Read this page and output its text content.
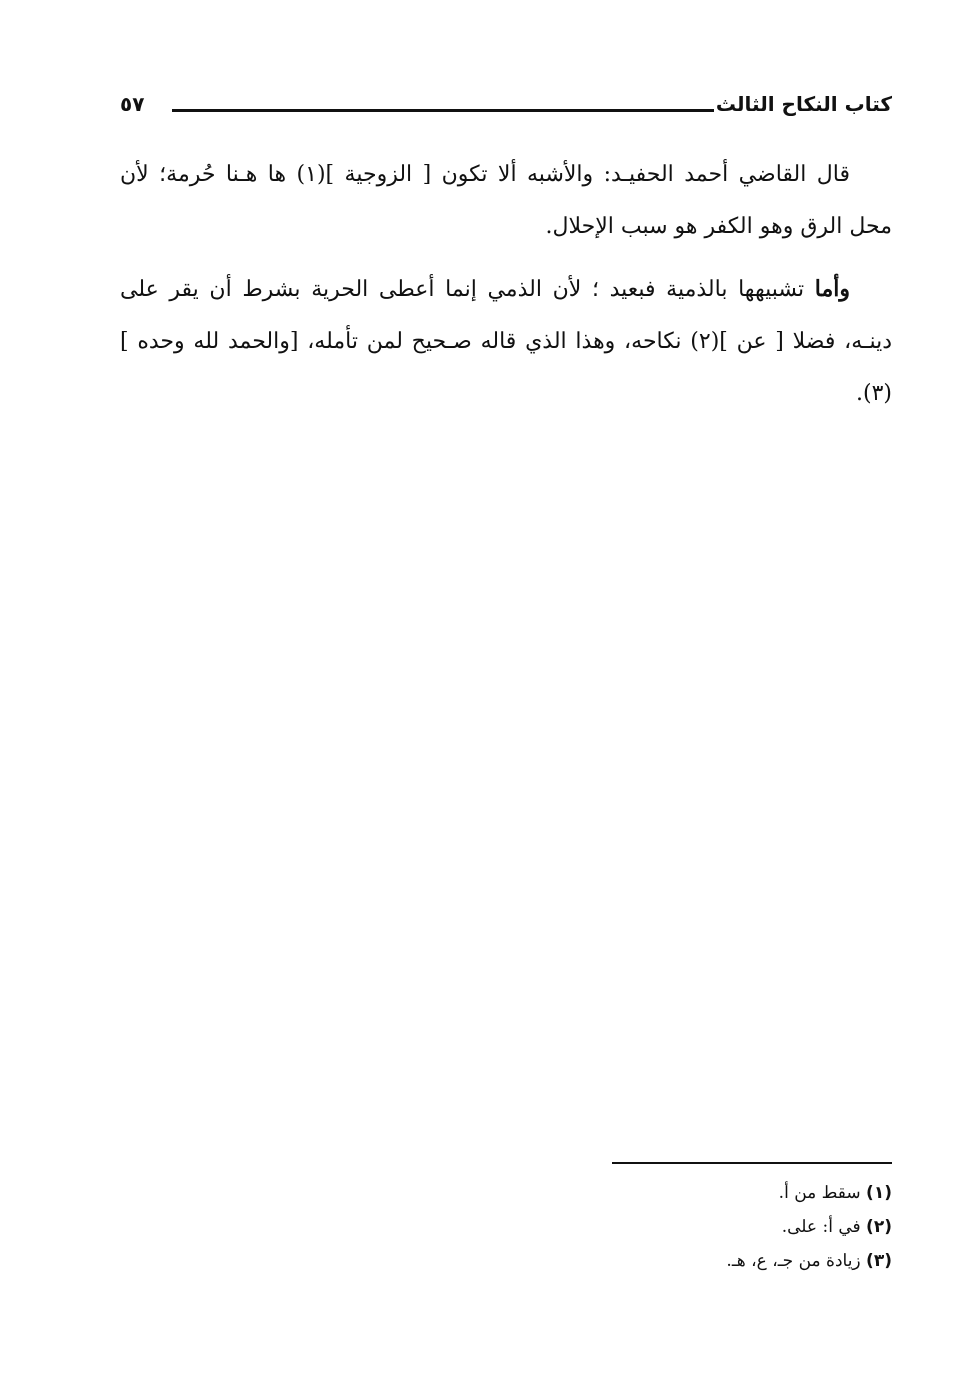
كتاب النكاح الثالث
٥٧

قال القاضي أحمد الحفيـد: والأشبه ألا تكون [ الزوجية ](١) ها هـنا حُرمة؛ لأن محل الرق وهو الكفر هو سبب الإحلال.

وأما تشبيهها بالذمية فبعيد ؛ لأن الذمي إنما أعطى الحرية بشرط أن يقر على دينـه، فضلا [ عن ](٢) نكاحه، وهذا الذي قاله صـحيح لمن تأمله، [والحمد لله وحده ](٣).

(١) سقط من أ.
(٢) في أ: على.
(٣) زيادة من جـ، ع، هـ.
